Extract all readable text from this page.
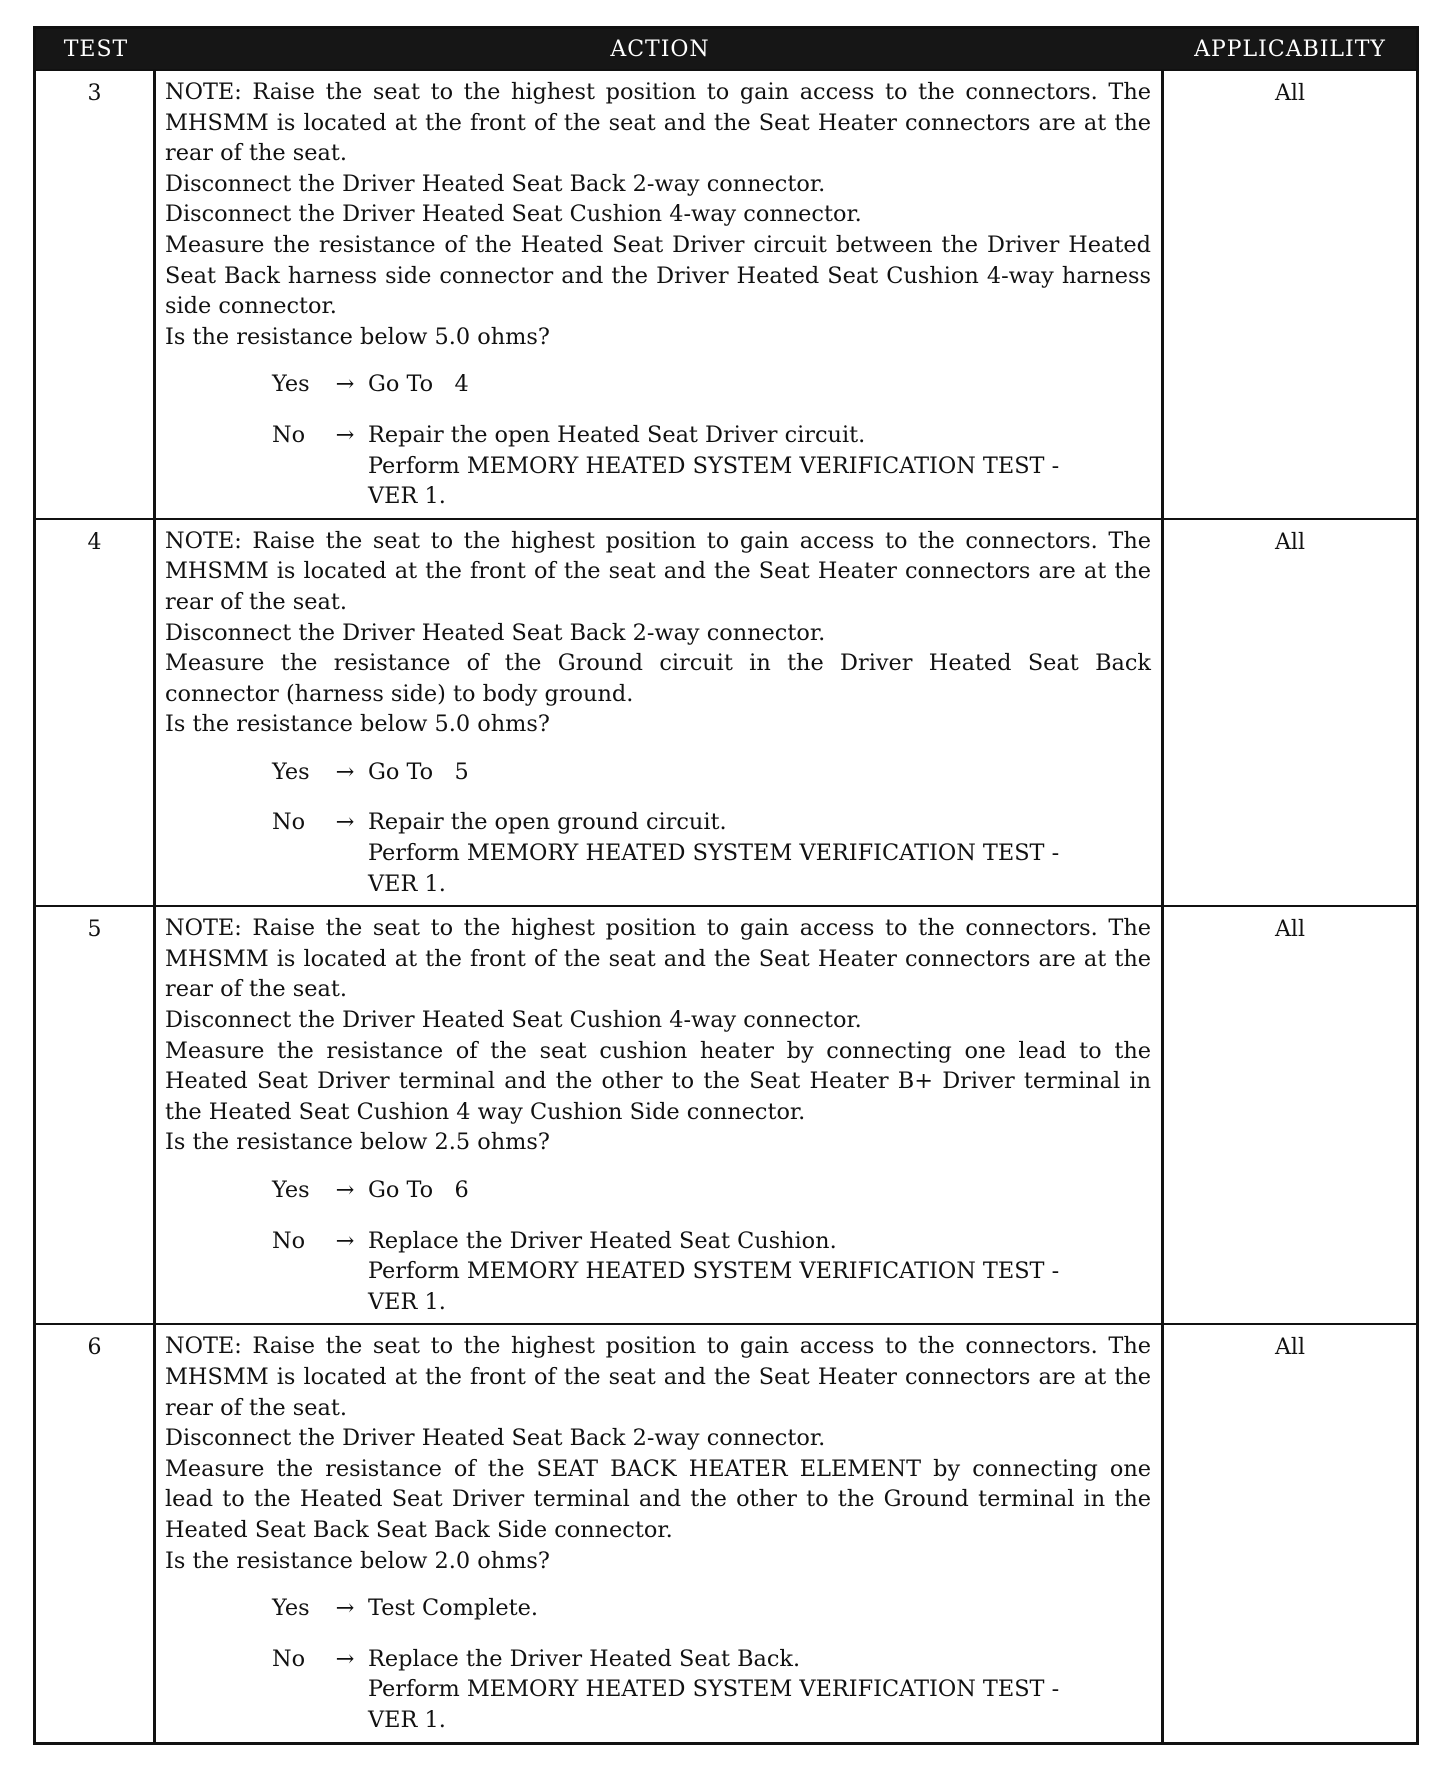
TEST	ACTION	APPLICABILITY
3	NOTE: Raise the seat to the highest position to gain access to the connectors. The
MHSMM is located at the front of the seat and the Seat Heater connectors are at the
rear of the seat.
Disconnect the Driver Heated Seat Back 2-way connector.
Disconnect the Driver Heated Seat Cushion 4-way connector.
Measure the resistance of the Heated Seat Driver circuit between the Driver Heated
Seat Back harness side connector and the Driver Heated Seat Cushion 4-way harness
side connector.
Is the resistance below 5.0 ohms?
Yes	→ Go To   4
No	→ Repair the open Heated Seat Driver circuit.
Perform MEMORY HEATED SYSTEM VERIFICATION TEST -
VER 1.
All
4	NOTE: Raise the seat to the highest position to gain access to the connectors. The
MHSMM is located at the front of the seat and the Seat Heater connectors are at the
rear of the seat.
Disconnect the Driver Heated Seat Back 2-way connector.
Measure the resistance of the Ground circuit in the Driver Heated Seat Back
connector (harness side) to body ground.
Is the resistance below 5.0 ohms?
Yes	→ Go To   5
No	→ Repair the open ground circuit.
Perform MEMORY HEATED SYSTEM VERIFICATION TEST -
VER 1.
All
5	NOTE: Raise the seat to the highest position to gain access to the connectors. The
MHSMM is located at the front of the seat and the Seat Heater connectors are at the
rear of the seat.
Disconnect the Driver Heated Seat Cushion 4-way connector.
Measure the resistance of the seat cushion heater by connecting one lead to the
Heated Seat Driver terminal and the other to the Seat Heater B+ Driver terminal in
the Heated Seat Cushion 4 way Cushion Side connector.
Is the resistance below 2.5 ohms?
Yes	→ Go To   6
No	→ Replace the Driver Heated Seat Cushion.
Perform MEMORY HEATED SYSTEM VERIFICATION TEST -
VER 1.
All
6	NOTE: Raise the seat to the highest position to gain access to the connectors. The
MHSMM is located at the front of the seat and the Seat Heater connectors are at the
rear of the seat.
Disconnect the Driver Heated Seat Back 2-way connector.
Measure the resistance of the SEAT BACK HEATER ELEMENT by connecting one
lead to the Heated Seat Driver terminal and the other to the Ground terminal in the
Heated Seat Back Seat Back Side connector.
Is the resistance below 2.0 ohms?
Yes	→ Test Complete.
No	→ Replace the Driver Heated Seat Back.
Perform MEMORY HEATED SYSTEM VERIFICATION TEST -
VER 1.
All
